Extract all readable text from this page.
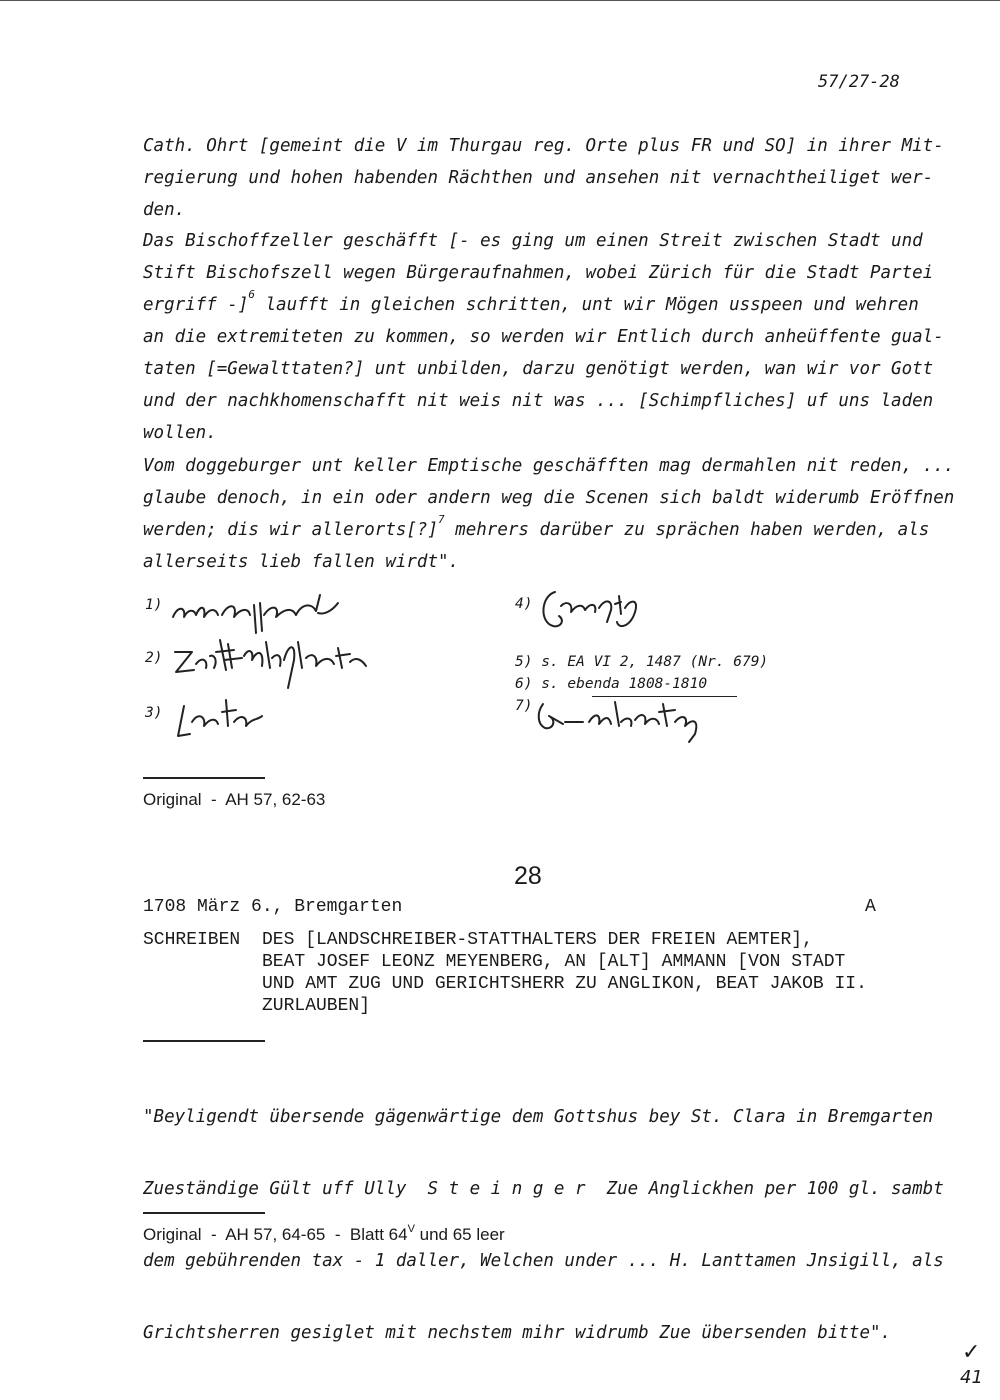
57/27-28
Cath. Ohrt [gemeint die V im Thurgau reg. Orte plus FR und SO] in ihrer Mit-
regierung und hohen habenden Rächthen und ansehen nit vernachtheiliget wer-
den.
Das Bischoffzeller geschäfft [- es ging um einen Streit zwischen Stadt und
Stift Bischofszell wegen Bürgeraufnahmen, wobei Zürich für die Stadt Partei
ergriff -]$^6$ laufft in gleichen schritten, unt wir Mögen usspeen und wehren
an die extremiteten zu kommen, so werden wir Entlich durch anheüffente gual-
taten [=Gewalttaten?] unt unbilden, darzu genötigt werden, wan wir vor Gott
und der nachkhomenschafft nit weis nit was ... [Schimpfliches] uf uns laden
wollen.
Vom doggeburger unt keller Emptische geschäfften mag dermahlen nit reden, ...
glaube denoch, in ein oder andern weg die Scenen sich baldt widerumb Eröffnen
werden; dis wir allerorts[?]$^7$ mehrers darüber zu sprächen haben werden, als
allerseits lieb fallen wirdt".
1)
2)
3)
4)
5) s. EA VI 2, 1487 (Nr. 679)
6) s. ebenda 1808-1810
7)
Original  -  AH 57, 62-63
28
1708 März 6., Bremgarten	A
SCHREIBEN DES [LANDSCHREIBER-STATTHALTERS DER FREIEN AEMTER],
BEAT JOSEF LEONZ MEYENBERG, AN [ALT] AMMANN [VON STADT
UND AMT ZUG UND GERICHTSHERR ZU ANGLIKON, BEAT JAKOB II.
ZURLAUBEN]

"Beyligendt übersende gägenwärtige dem Gottshus bey St. Clara in Bremgarten

Zueständige Gült uff Ully  S t e i n g e r  Zue Anglickhen per 100 gl. sambt

dem gebührenden tax - 1 daller, Welchen under ... H. Lanttamen Jnsigill, als

Grichtsherren gesiglet mit nechstem mihr widrumb Zue übersenden bitte".

Original  -  AH 57, 64-65  -  Blatt $64^V$ und 65 leer
✓
41
